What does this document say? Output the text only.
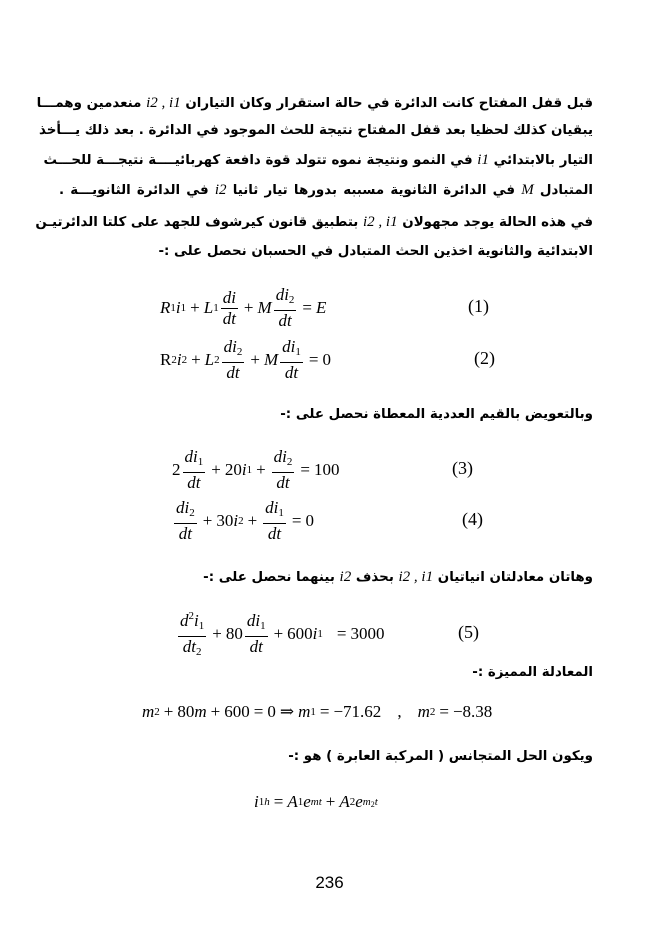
قبل قفل المفتاح كانت الدائرة في حالة استقرار وكان التياران i2 , i1 منعدمين وهمـــا
يبقيان كذلك لحظيا بعد قفل المفتاح نتيجة للحث الموجود في الدائرة . بعد ذلك يـــأخذ
التيار بالابتدائي i1 في النمو ونتيجة نموه تتولد قوة دافعة كهربائيــــة نتيجـــة للحـــث
المتبادل M في الدائرة الثانوية مسببه بدورها تيار ثانيا i2 في الدائرة الثانويـــة .
في هذه الحالة يوجد مجهولان i2 , i1 بتطبيق قانون كيرشوف للجهد على كلتا الدائرتيـن
الابتدائية والثانوية اخذين الحث المتبادل في الحسبان نحصل على :-
R 1 i 1 + L $1 \frac{di}{dt} + M \frac{di_2}{dt} = E$	(1)
R 2 i 2 + L $2 \frac{di_2}{dt} + M \frac{di_1}{dt} = 0$	(2)
وبالتعويض بالقيم العددية المعطاة نحصل على :-
$2 \frac{di_1}{dt} + 20$ i $1 + \frac{di_2}{dt} = 100$	(3)
$\frac{di_2}{dt} + 30$ i $2 + \frac{di_1}{dt} = 0$	(4)
وهاتان معادلتان انياتيان i2 , i1 بحذف i2 بينهما نحصل على :-
$\frac{d^2i_1}{dt_2} + 80 \frac{di_1}{dt} + 600$ i 1 = 3000	(5)
المعادلة المميزة :-
m 2 + 80 m + 600 = 0 ⇒ m 1 = −71.62 , m 2 = −8.38
ويكون الحل المتجانس ( المركبة العابرة ) هو :-
i 1h = A 1 e mt + A 2 e $m_2t$
236
